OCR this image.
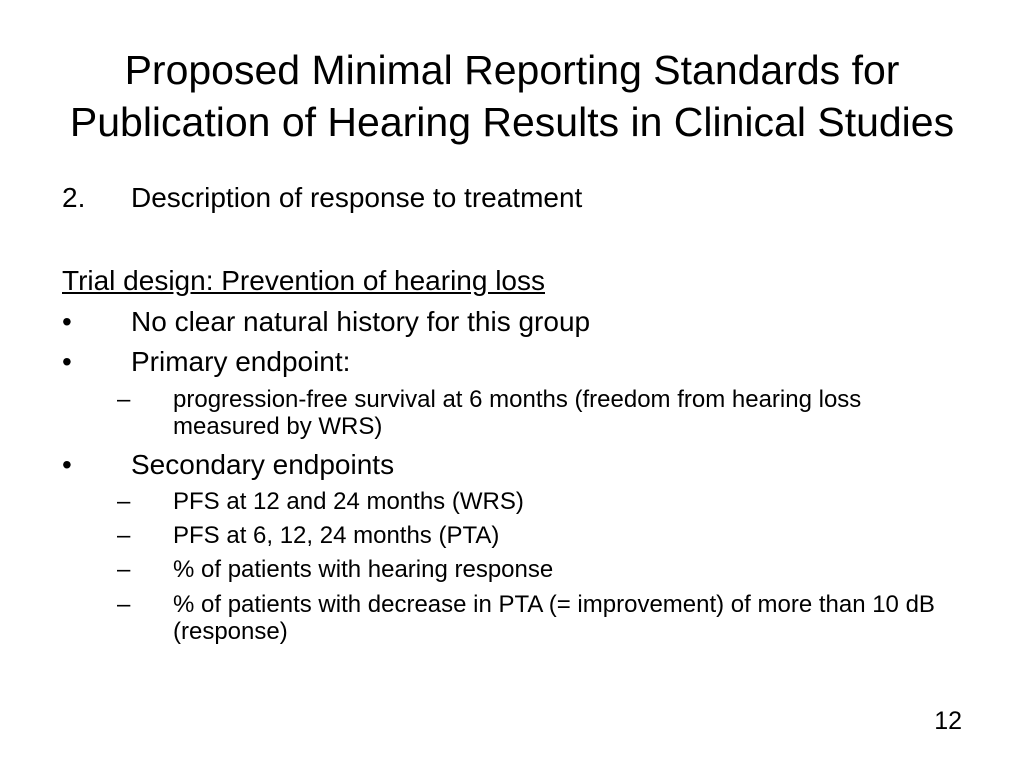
Proposed Minimal Reporting Standards for
Publication of Hearing Results in Clinical Studies
2. Description of response to treatment
Trial design: Prevention of hearing loss
• No clear natural history for this group
• Primary endpoint:
– progression-free survival at 6 months (freedom from hearing loss measured by WRS)
• Secondary endpoints
– PFS at 12 and 24 months (WRS)
– PFS at 6, 12, 24 months (PTA)
– % of patients with hearing response
– % of patients with decrease in PTA (= improvement) of more than 10 dB (response)
12
